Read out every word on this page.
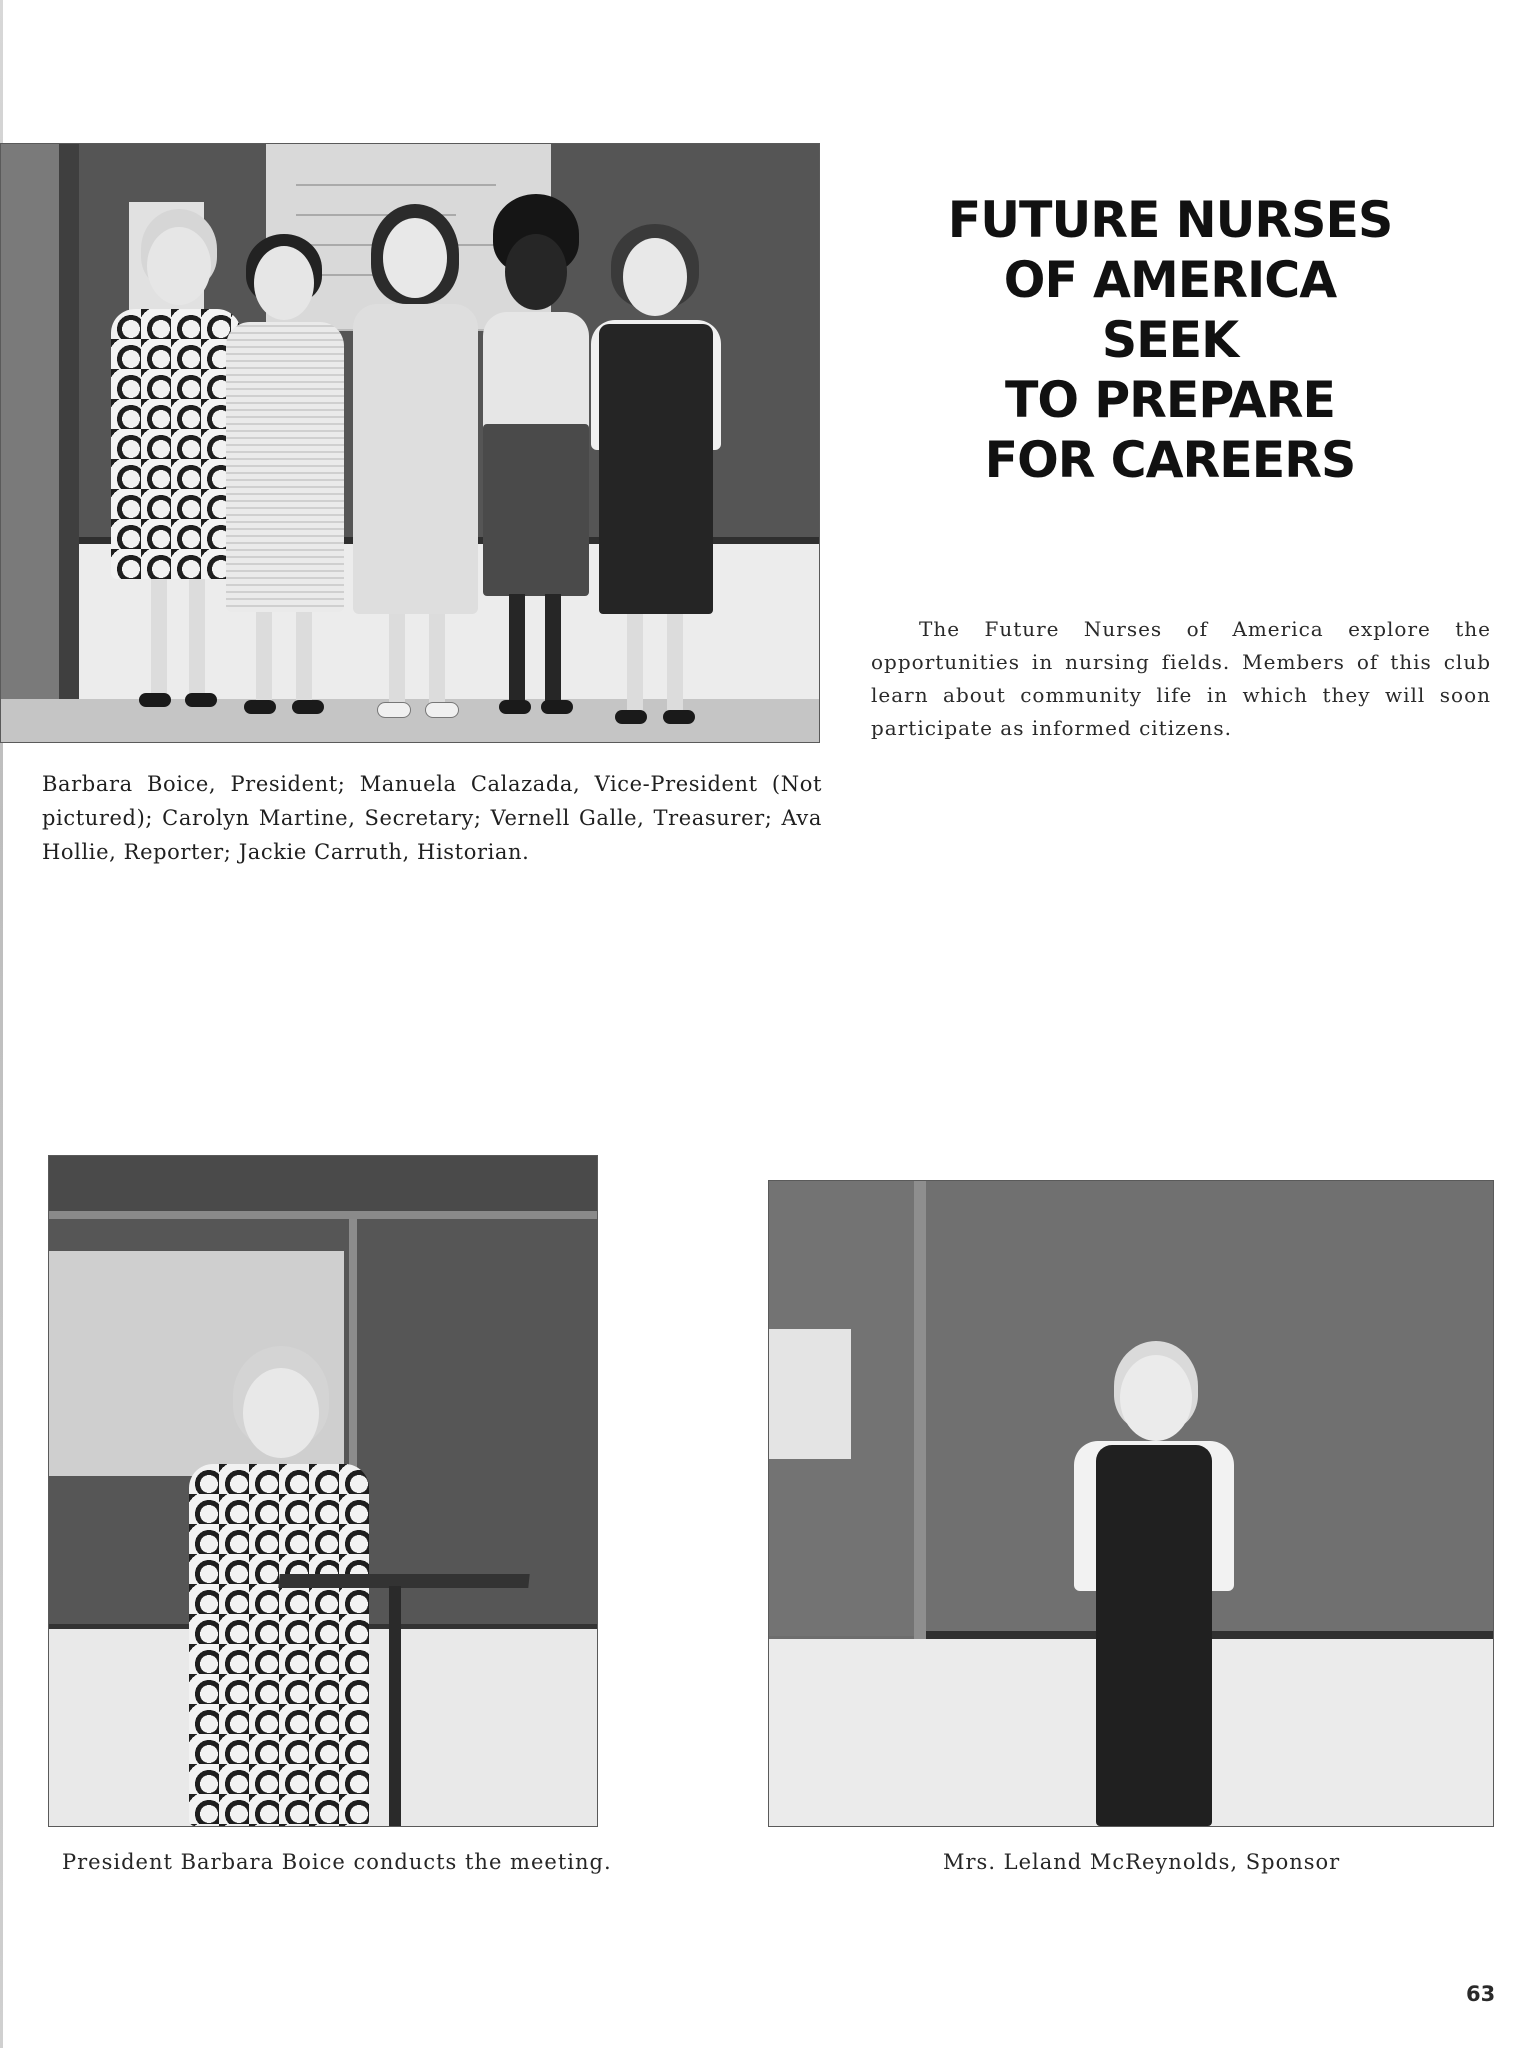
FUTURE NURSES
OF AMERICA
SEEK
TO PREPARE
FOR CAREERS

The Future Nurses of America explore the opportunities in nursing fields. Members of this club learn about community life in which they will soon participate as informed citizens.

Barbara Boice, President; Manuela Calazada, Vice-President (Not pictured); Carolyn Martine, Secretary; Vernell Galle, Treasurer; Ava Hollie, Reporter; Jackie Carruth, Historian.

President Barbara Boice conducts the meeting.	Mrs. Leland McReynolds, Sponsor

63
